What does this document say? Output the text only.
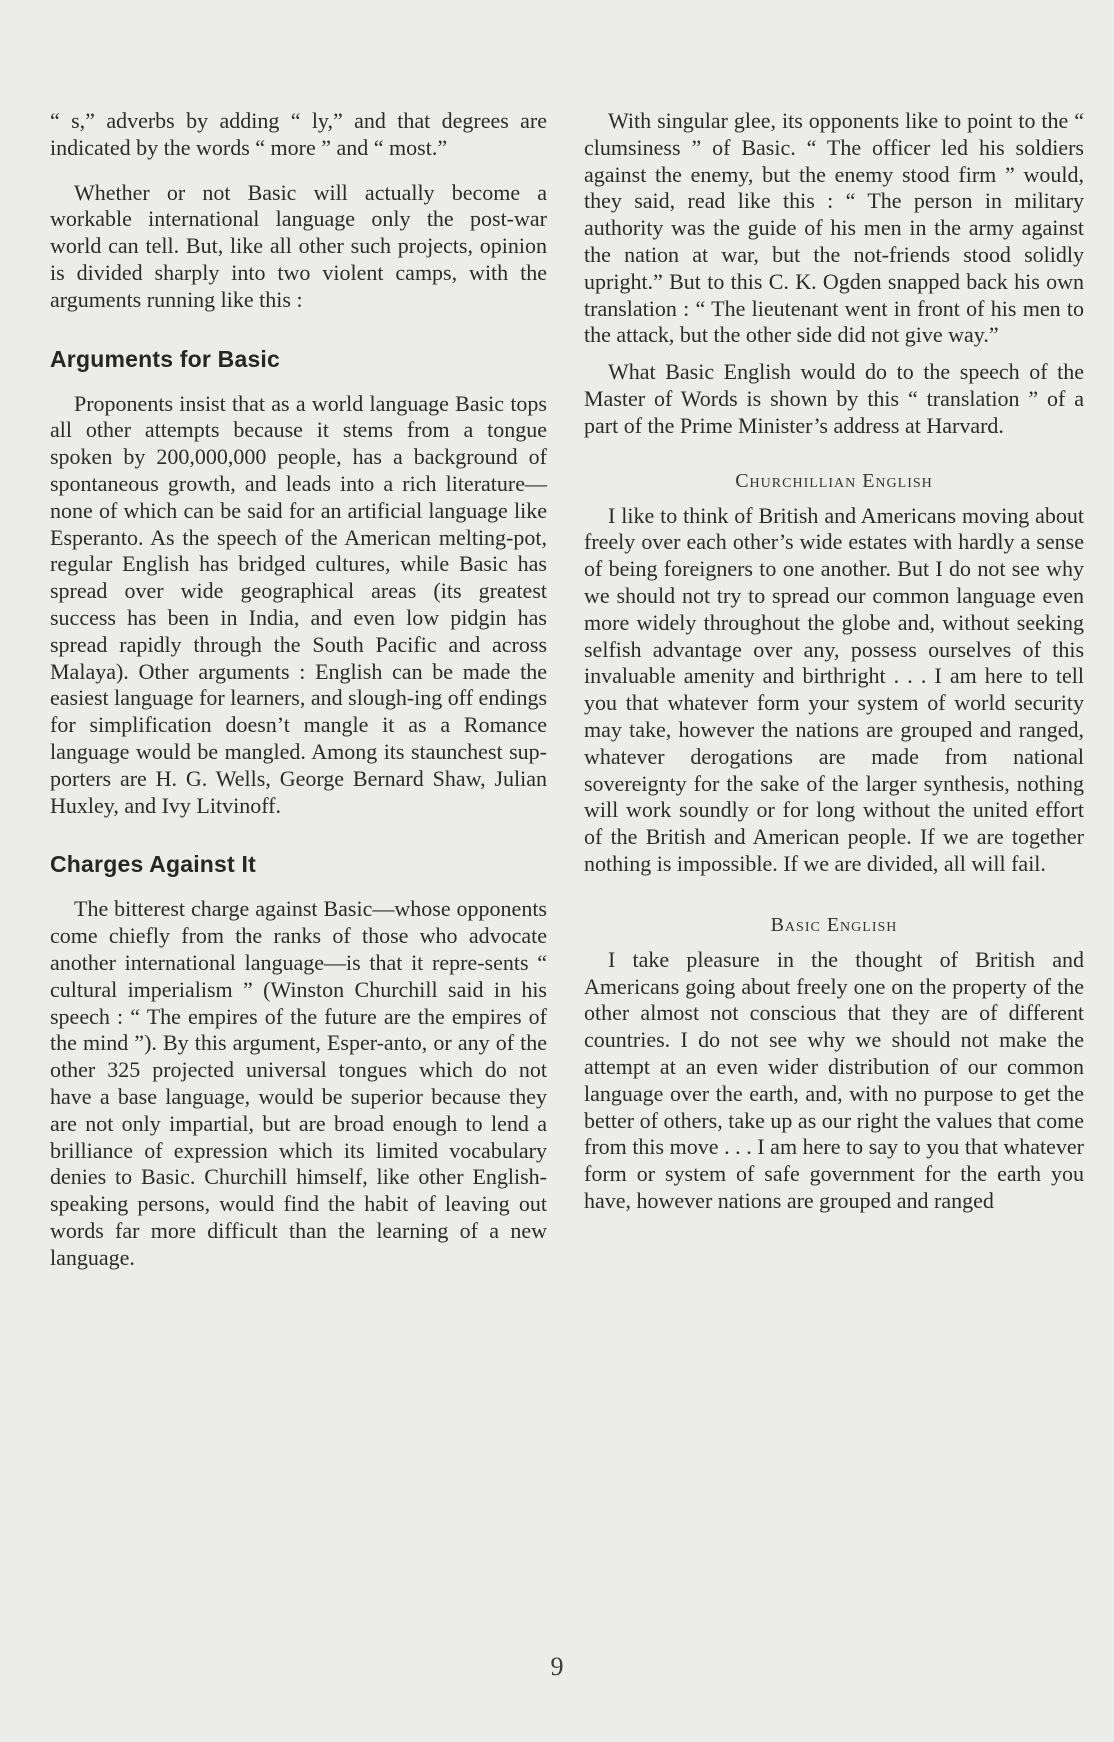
“ s,” adverbs by adding “ ly,” and that degrees are indicated by the words “ more ” and “ most.”

Whether or not Basic will actually become a workable international language only the post-war world can tell. But, like all other such projects, opinion is divided sharply into two violent camps, with the arguments running like this :

Arguments for Basic

Proponents insist that as a world language Basic tops all other attempts because it stems from a tongue spoken by 200,000,000 people, has a background of spontaneous growth, and leads into a rich literature—none of which can be said for an artificial language like Esperanto. As the speech of the American melting-pot, regular English has bridged cultures, while Basic has spread over wide geographical areas (its greatest success has been in India, and even low pidgin has spread rapidly through the South Pacific and across Malaya). Other arguments : English can be made the easiest language for learners, and slough-ing off endings for simplification doesn’t mangle it as a Romance language would be mangled. Among its staunchest sup-porters are H. G. Wells, George Bernard Shaw, Julian Huxley, and Ivy Litvinoff.

Charges Against It

The bitterest charge against Basic—whose opponents come chiefly from the ranks of those who advocate another international language—is that it repre-sents “ cultural imperialism ” (Winston Churchill said in his speech : “ The empires of the future are the empires of the mind ”). By this argument, Esper-anto, or any of the other 325 projected universal tongues which do not have a base language, would be superior because they are not only impartial, but are broad enough to lend a brilliance of expression which its limited vocabulary denies to Basic. Churchill himself, like other English-speaking persons, would find the habit of leaving out words far more difficult than the learning of a new language.

With singular glee, its opponents like to point to the “ clumsiness ” of Basic. “ The officer led his soldiers against the enemy, but the enemy stood firm ” would, they said, read like this : “ The person in military authority was the guide of his men in the army against the nation at war, but the not-friends stood solidly upright.” But to this C. K. Ogden snapped back his own translation : “ The lieutenant went in front of his men to the attack, but the other side did not give way.”

What Basic English would do to the speech of the Master of Words is shown by this “ translation ” of a part of the Prime Minister’s address at Harvard.

Churchillian English

I like to think of British and Americans moving about freely over each other’s wide estates with hardly a sense of being foreigners to one another. But I do not see why we should not try to spread our common language even more widely throughout the globe and, without seeking selfish advantage over any, possess ourselves of this invaluable amenity and birthright . . . I am here to tell you that whatever form your system of world security may take, however the nations are grouped and ranged, whatever derogations are made from national sovereignty for the sake of the larger synthesis, nothing will work soundly or for long without the united effort of the British and American people. If we are together nothing is impossible. If we are divided, all will fail.

Basic English

I take pleasure in the thought of British and Americans going about freely one on the property of the other almost not conscious that they are of different countries. I do not see why we should not make the attempt at an even wider distribution of our common language over the earth, and, with no purpose to get the better of others, take up as our right the values that come from this move . . . I am here to say to you that whatever form or system of safe government for the earth you have, however nations are grouped and ranged

9
